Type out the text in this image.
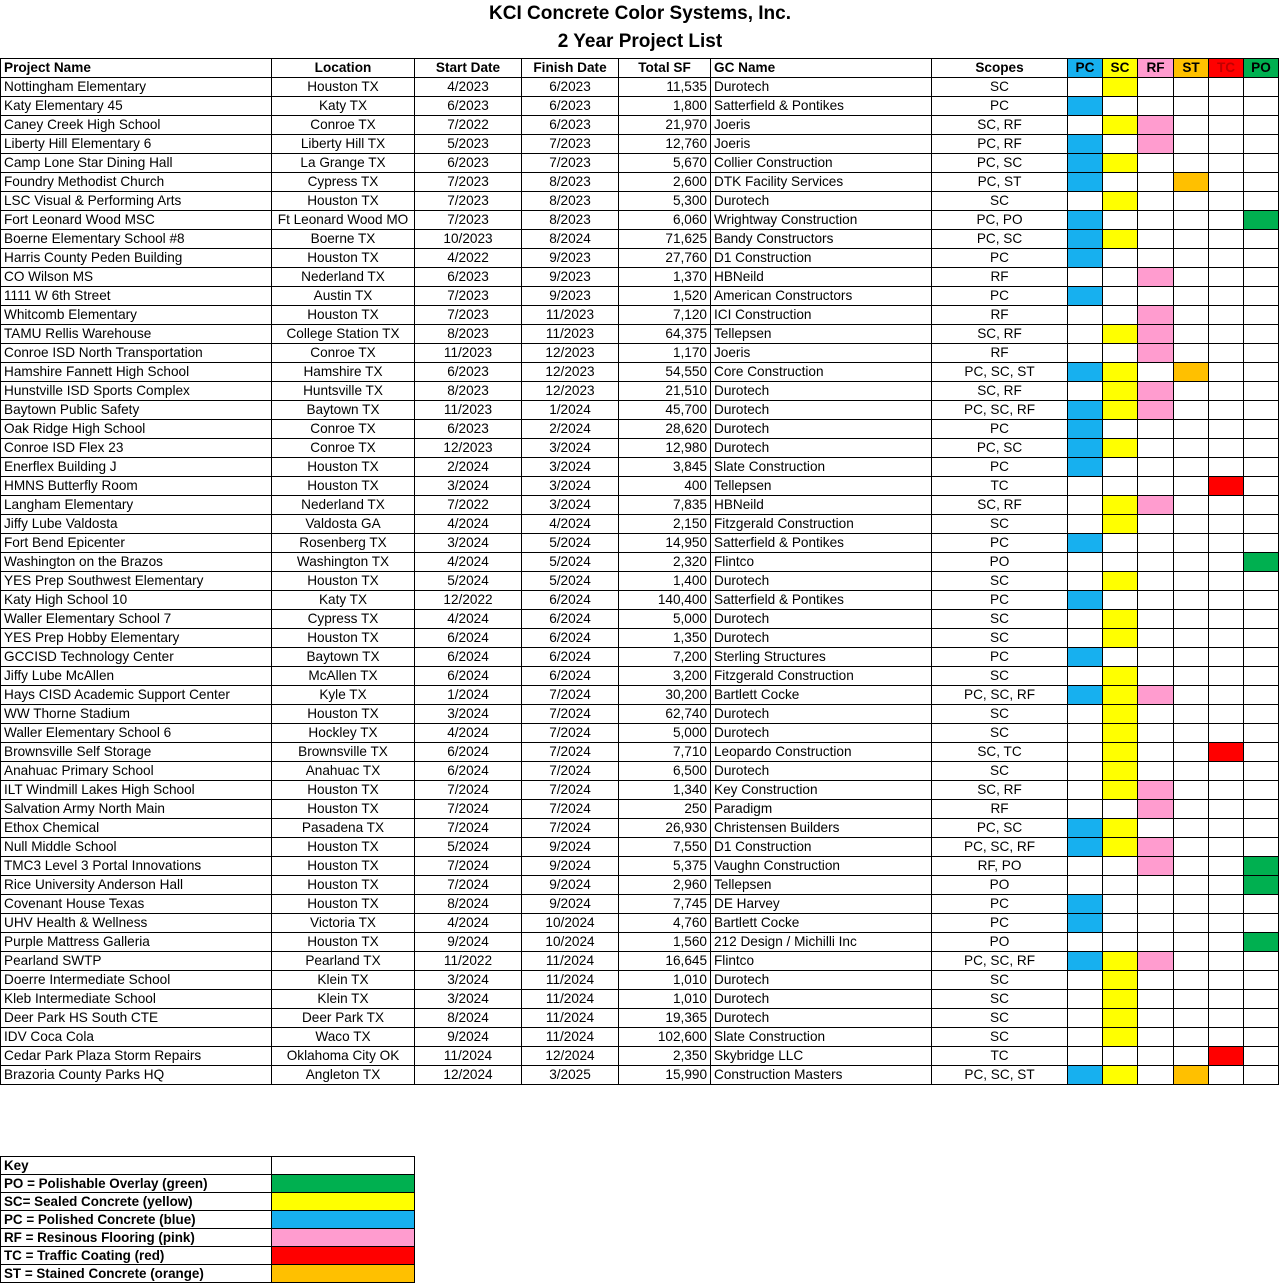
KCI Concrete Color Systems, Inc.
2 Year Project List
Project Name	Location	Start Date	Finish Date	Total SF	GC Name	Scopes	PC	SC	RF	ST	TC	PO
Nottingham Elementary	Houston TX	4/2023	6/2023	11,535	Durotech	SC						
Katy Elementary 45	Katy TX	6/2023	6/2023	1,800	Satterfield & Pontikes	PC						
Caney Creek High School	Conroe TX	7/2022	6/2023	21,970	Joeris	SC, RF						
Liberty Hill Elementary 6	Liberty Hill TX	5/2023	7/2023	12,760	Joeris	PC, RF						
Camp Lone Star Dining Hall	La Grange TX	6/2023	7/2023	5,670	Collier Construction	PC, SC						
Foundry Methodist Church	Cypress TX	7/2023	8/2023	2,600	DTK Facility Services	PC, ST						
LSC Visual & Performing Arts	Houston TX	7/2023	8/2023	5,300	Durotech	SC						
Fort Leonard Wood MSC	Ft Leonard Wood MO	7/2023	8/2023	6,060	Wrightway Construction	PC, PO						
Boerne Elementary School #8	Boerne TX	10/2023	8/2024	71,625	Bandy Constructors	PC, SC						
Harris County Peden Building	Houston TX	4/2022	9/2023	27,760	D1 Construction	PC						
CO Wilson MS	Nederland TX	6/2023	9/2023	1,370	HBNeild	RF						
1111 W 6th Street	Austin TX	7/2023	9/2023	1,520	American Constructors	PC						
Whitcomb Elementary	Houston TX	7/2023	11/2023	7,120	ICI Construction	RF						
TAMU Rellis Warehouse	College Station TX	8/2023	11/2023	64,375	Tellepsen	SC, RF						
Conroe ISD North Transportation	Conroe TX	11/2023	12/2023	1,170	Joeris	RF						
Hamshire Fannett High School	Hamshire TX	6/2023	12/2023	54,550	Core Construction	PC, SC, ST						
Hunstville ISD Sports Complex	Huntsville TX	8/2023	12/2023	21,510	Durotech	SC, RF						
Baytown Public Safety	Baytown TX	11/2023	1/2024	45,700	Durotech	PC, SC, RF						
Oak Ridge High School	Conroe TX	6/2023	2/2024	28,620	Durotech	PC						
Conroe ISD Flex 23	Conroe TX	12/2023	3/2024	12,980	Durotech	PC, SC						
Enerflex Building J	Houston TX	2/2024	3/2024	3,845	Slate Construction	PC						
HMNS Butterfly Room	Houston TX	3/2024	3/2024	400	Tellepsen	TC						
Langham Elementary	Nederland TX	7/2022	3/2024	7,835	HBNeild	SC, RF						
Jiffy Lube Valdosta	Valdosta GA	4/2024	4/2024	2,150	Fitzgerald Construction	SC						
Fort Bend Epicenter	Rosenberg TX	3/2024	5/2024	14,950	Satterfield & Pontikes	PC						
Washington on the Brazos	Washington TX	4/2024	5/2024	2,320	Flintco	PO						
YES Prep Southwest Elementary	Houston TX	5/2024	5/2024	1,400	Durotech	SC						
Katy High School 10	Katy TX	12/2022	6/2024	140,400	Satterfield & Pontikes	PC						
Waller Elementary School 7	Cypress TX	4/2024	6/2024	5,000	Durotech	SC						
YES Prep Hobby Elementary	Houston TX	6/2024	6/2024	1,350	Durotech	SC						
GCCISD Technology Center	Baytown TX	6/2024	6/2024	7,200	Sterling Structures	PC						
Jiffy Lube McAllen	McAllen TX	6/2024	6/2024	3,200	Fitzgerald Construction	SC						
Hays CISD Academic Support Center	Kyle TX	1/2024	7/2024	30,200	Bartlett Cocke	PC, SC, RF						
WW Thorne Stadium	Houston TX	3/2024	7/2024	62,740	Durotech	SC						
Waller Elementary School 6	Hockley TX	4/2024	7/2024	5,000	Durotech	SC						
Brownsville Self Storage	Brownsville TX	6/2024	7/2024	7,710	Leopardo Construction	SC, TC						
Anahuac Primary School	Anahuac TX	6/2024	7/2024	6,500	Durotech	SC						
ILT Windmill Lakes High School	Houston TX	7/2024	7/2024	1,340	Key Construction	SC, RF						
Salvation Army North Main	Houston TX	7/2024	7/2024	250	Paradigm	RF						
Ethox Chemical	Pasadena TX	7/2024	7/2024	26,930	Christensen Builders	PC, SC						
Null Middle School	Houston TX	5/2024	9/2024	7,550	D1 Construction	PC, SC, RF						
TMC3 Level 3 Portal Innovations	Houston TX	7/2024	9/2024	5,375	Vaughn Construction	RF, PO						
Rice University Anderson Hall	Houston TX	7/2024	9/2024	2,960	Tellepsen	PO						
Covenant House Texas	Houston TX	8/2024	9/2024	7,745	DE Harvey	PC						
UHV Health & Wellness	Victoria TX	4/2024	10/2024	4,760	Bartlett Cocke	PC						
Purple Mattress Galleria	Houston TX	9/2024	10/2024	1,560	212 Design / Michilli Inc	PO						
Pearland SWTP	Pearland TX	11/2022	11/2024	16,645	Flintco	PC, SC, RF						
Doerre Intermediate School	Klein TX	3/2024	11/2024	1,010	Durotech	SC						
Kleb Intermediate School	Klein TX	3/2024	11/2024	1,010	Durotech	SC						
Deer Park HS South CTE	Deer Park TX	8/2024	11/2024	19,365	Durotech	SC						
IDV Coca Cola	Waco TX	9/2024	11/2024	102,600	Slate Construction	SC						
Cedar Park Plaza Storm Repairs	Oklahoma City OK	11/2024	12/2024	2,350	Skybridge LLC	TC						
Brazoria County Parks HQ	Angleton TX	12/2024	3/2025	15,990	Construction Masters	PC, SC, ST						
Key	
PO = Polishable Overlay (green)	
SC= Sealed Concrete (yellow)	
PC = Polished Concrete (blue)	
RF = Resinous Flooring (pink)	
TC = Traffic Coating (red)	
ST = Stained Concrete (orange)	
